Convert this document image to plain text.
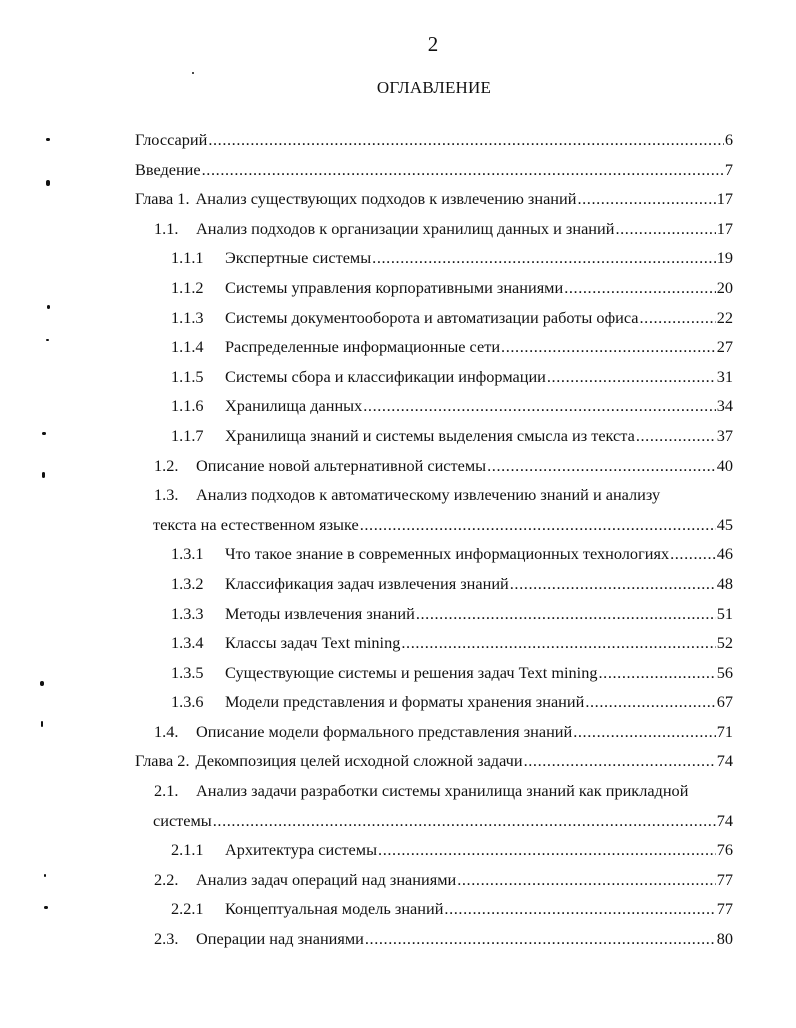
2
ОГЛАВЛЕНИЕ
Глоссарий .....	6
Введение .....	7
Глава 1. Анализ существующих подходов к извлечению знаний .....	17
1.1.	Анализ подходов к организации хранилищ данных и знаний .....	17
1.1.1	Экспертные системы .....	19
1.1.2	Системы управления корпоративными знаниями .....	20
1.1.3	Системы документооборота и автоматизации работы офиса .....	22
1.1.4	Распределенные информационные сети .....	27
1.1.5	Системы сбора и классификации информации .....	31
1.1.6	Хранилища данных .....	34
1.1.7	Хранилища знаний и системы выделения смысла из текста .....	37
1.2.	Описание новой альтернативной системы .....	40
1.3.	Анализ подходов к автоматическому извлечению знаний и анализу
текста на естественном языке .....	45
1.3.1	Что такое знание в современных информационных технологиях .....	46
1.3.2	Классификация задач извлечения знаний .....	48
1.3.3	Методы извлечения знаний .....	51
1.3.4	Классы задач Text mining .....	52
1.3.5	Существующие системы и решения задач Text mining .....	56
1.3.6	Модели представления и форматы хранения знаний .....	67
1.4.	Описание модели формального представления знаний .....	71
Глава 2. Декомпозиция целей исходной сложной задачи .....	74
2.1.	Анализ задачи разработки системы хранилища знаний как прикладной
системы .....	74
2.1.1	Архитектура системы .....	76
2.2.	Анализ задач операций над знаниями .....	77
2.2.1	Концептуальная модель знаний .....	77
2.3.	Операции над знаниями .....	80
